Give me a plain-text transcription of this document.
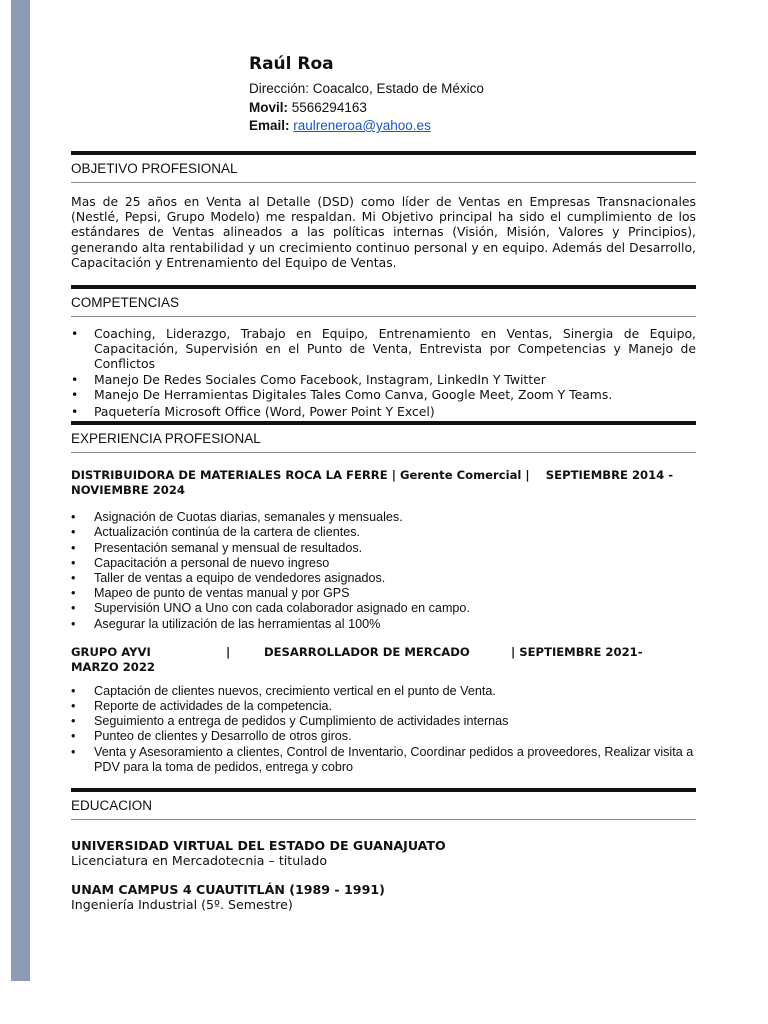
Raúl Roa
Dirección: Coacalco, Estado de México
Movil: 5566294163
Email: raulreneroa@yahoo.es
OBJETIVO PROFESIONAL
Mas de 25 años en Venta al Detalle (DSD) como líder de Ventas en Empresas Transnacionales (Nestlé, Pepsi, Grupo Modelo) me respaldan. Mi Objetivo principal ha sido el cumplimiento de los estándares de Ventas alineados a las políticas internas (Visión, Misión, Valores y Principios), generando alta rentabilidad y un crecimiento continuo personal y en equipo. Además del Desarrollo, Capacitación y Entrenamiento del Equipo de Ventas.
COMPETENCIAS
• Coaching, Liderazgo, Trabajo en Equipo, Entrenamiento en Ventas, Sinergia de Equipo, Capacitación, Supervisión en el Punto de Venta, Entrevista por Competencias y Manejo de Conflictos
• Manejo De Redes Sociales Como Facebook, Instagram, LinkedIn Y Twitter
• Manejo De Herramientas Digitales Tales Como Canva, Google Meet, Zoom Y Teams.
• Paquetería Microsoft Office (Word, Power Point Y Excel)
EXPERIENCIA PROFESIONAL
DISTRIBUIDORA DE MATERIALES ROCA LA FERRE | Gerente Comercial |    SEPTIEMBRE 2014 -
NOVIEMBRE 2024
• Asignación de Cuotas diarias, semanales y mensuales.
• Actualización continúa de la cartera de clientes.
• Presentación semanal y mensual de resultados.
• Capacitación a personal de nuevo ingreso
• Taller de ventas a equipo de vendedores asignados.
• Mapeo de punto de ventas manual y por GPS
• Supervisión UNO a Uno con cada colaborador asignado en campo.
• Asegurar la utilización de las herramientas al 100%
GRUPO AYVI	|	DESARROLLADOR DE MERCADO	| SEPTIEMBRE 2021-
MARZO 2022
• Captación de clientes nuevos, crecimiento vertical en el punto de Venta.
• Reporte de actividades de la competencia.
• Seguimiento a entrega de pedidos y Cumplimiento de actividades internas
• Punteo de clientes y Desarrollo de otros giros.
• Venta y Asesoramiento a clientes, Control de Inventario, Coordinar pedidos a proveedores, Realizar visita a PDV para la toma de pedidos, entrega y cobro
EDUCACION
UNIVERSIDAD VIRTUAL DEL ESTADO DE GUANAJUATO
Licenciatura en Mercadotecnia – titulado
UNAM CAMPUS 4 CUAUTITLÁN (1989 - 1991)
Ingeniería Industrial (5º. Semestre)
